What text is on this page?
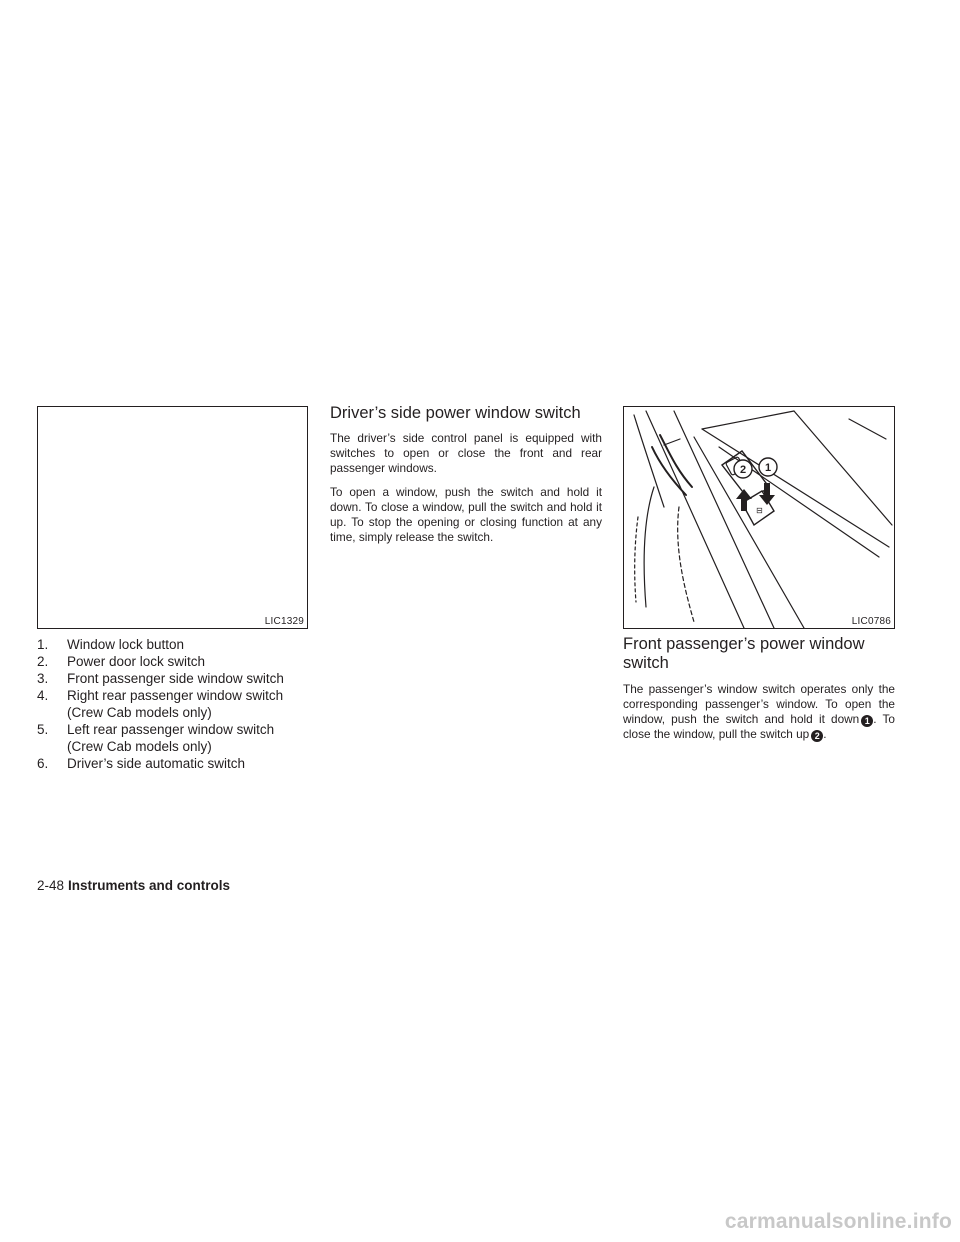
LIC1329
1.	Window lock button
2.	Power door lock switch
3.	Front passenger side window switch
4.	Right rear passenger window switch
(Crew Cab models only)
5.	Left rear passenger window switch
(Crew Cab models only)
6.	Driver’s side automatic switch
Driver’s side power window switch

The driver’s side control panel is equipped with switches to open or close the front and rear passenger windows.

To open a window, push the switch and hold it down. To close a window, pull the switch and hold it up. To stop the opening or closing function at any time, simply release the switch.

⊟
2 1
LIC0786
Front passenger’s power window switch

The passenger’s window switch operates only the corresponding passenger’s window. To open the window, push the switch and hold it down 1 . To close the window, pull the switch up 2 .

2-48 Instruments and controls
carmanualsonline.info
